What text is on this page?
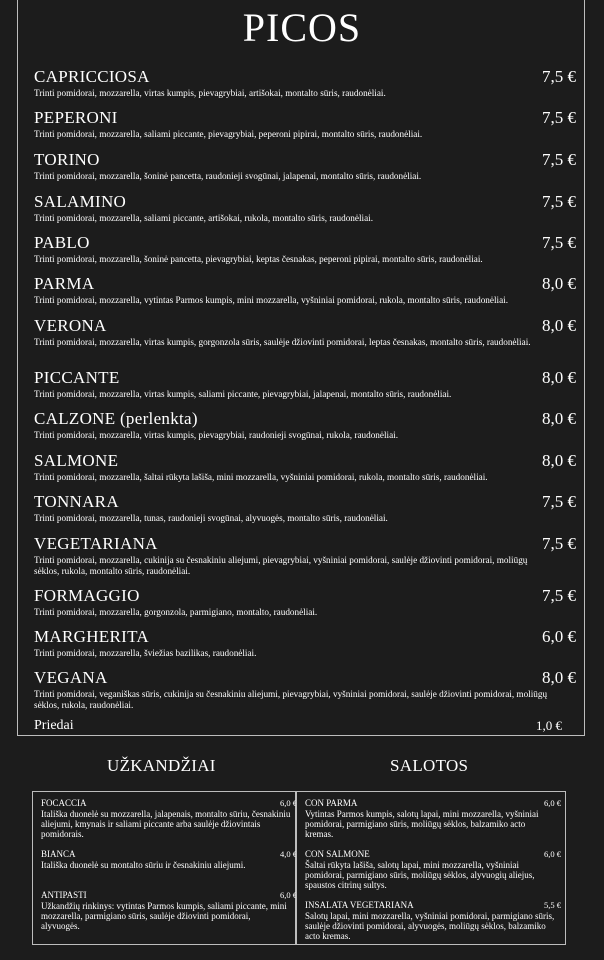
PICOS
CAPRICCIOSA	7,5 €
Trinti pomidorai, mozzarella, virtas kumpis, pievagrybiai, artišokai, montalto sūris, raudonėliai.
PEPERONI	7,5 €
Trinti pomidorai, mozzarella, saliami piccante, pievagrybiai, peperoni pipirai, montalto sūris, raudonėliai.
TORINO	7,5 €
Trinti pomidorai, mozzarella, šoninė pancetta, raudonieji svogūnai, jalapenai, montalto sūris, raudonėliai.
SALAMINO	7,5 €
Trinti pomidorai, mozzarella, saliami piccante, artišokai, rukola, montalto sūris, raudonėliai.
PABLO	7,5 €
Trinti pomidorai, mozzarella, šoninė pancetta, pievagrybiai, keptas česnakas, peperoni pipirai, montalto sūris, raudonėliai.
PARMA	8,0 €
Trinti pomidorai, mozzarella, vytintas Parmos kumpis, mini mozzarella, vyšniniai pomidorai, rukola, montalto sūris, raudonėliai.
VERONA	8,0 €
Trinti pomidorai, mozzarella, virtas kumpis, gorgonzola sūris, saulėje džiovinti pomidorai, leptas česnakas, montalto sūris, raudonėliai.
PICCANTE	8,0 €
Trinti pomidorai, mozzarella, virtas kumpis, saliami piccante, pievagrybiai, jalapenai, montalto sūris, raudonėliai.
CALZONE (perlenkta)	8,0 €
Trinti pomidorai, mozzarella, virtas kumpis, pievagrybiai, raudonieji svogūnai, rukola, raudonėliai.
SALMONE	8,0 €
Trinti pomidorai, mozzarella, šaltai rūkyta lašiša, mini mozzarella, vyšniniai pomidorai, rukola, montalto sūris, raudonėliai.
TONNARA	7,5 €
Trinti pomidorai, mozzarella, tunas, raudonieji svogūnai, alyvuogės, montalto sūris, raudonėliai.
VEGETARIANA	7,5 €
Trinti pomidorai, mozzarella, cukinija su česnakiniu aliejumi, pievagrybiai, vyšniniai pomidorai, saulėje džiovinti pomidorai, moliūgų sėklos, rukola, montalto sūris, raudonėliai.
FORMAGGIO	7,5 €
Trinti pomidorai, mozzarella, gorgonzola, parmigiano, montalto, raudonėliai.
MARGHERITA	6,0 €
Trinti pomidorai, mozzarella, šviežias bazilikas, raudonėliai.
VEGANA	8,0 €
Trinti pomidorai, veganiškas sūris, cukinija su česnakiniu aliejumi, pievagrybiai, vyšniniai pomidorai, saulėje džiovinti pomidorai, moliūgų sėklos, rukola, raudonėliai.
Priedai	1,0 €
UŽKANDŽIAI	SALOTOS
FOCACCIA	6,0 €
Itališka duonelė su mozzarella, jalapenais, montalto sūriu, česnakiniu aliejumi, kmynais ir saliami piccante arba saulėje džiovintais pomidorais.
BIANCA	4,0 €
Itališka duonelė su montalto sūriu ir česnakiniu aliejumi.
ANTIPASTI	6,0 €
Užkandžių rinkinys: vytintas Parmos kumpis, saliami piccante, mini mozzarella, parmigiano sūris, saulėje džiovinti pomidorai, alyvuogės.
CON PARMA	6,0 €
Vytintas Parmos kumpis, salotų lapai, mini mozzarella, vyšniniai pomidorai, parmigiano sūris, moliūgų sėklos, balzamiko acto kremas.
CON SALMONE	6,0 €
Šaltai rūkyta lašiša, salotų lapai, mini mozzarella, vyšniniai pomidorai, parmigiano sūris, moliūgų sėklos, alyvuogių aliejus, spaustos citrinų sultys.
INSALATA VEGETARIANA	5,5 €
Salotų lapai, mini mozzarella, vyšniniai pomidorai, parmigiano sūris, saulėje džiovinti pomidorai, alyvuogės, moliūgų sėklos, balzamiko acto kremas.
